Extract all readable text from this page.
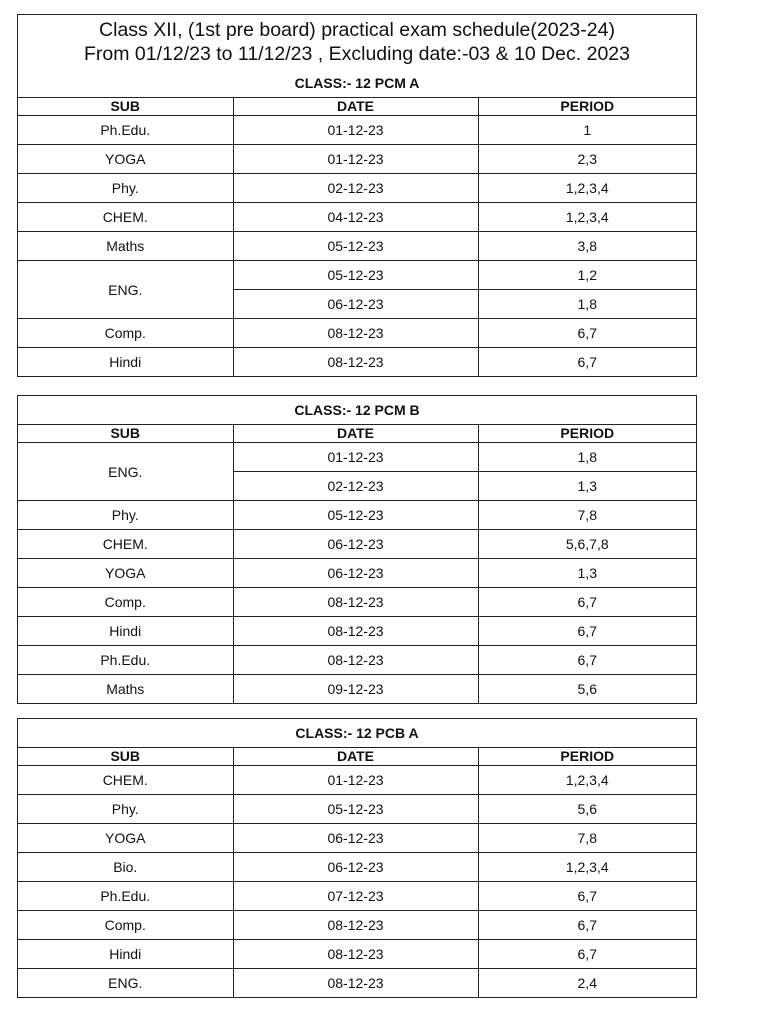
Class XII, (1st pre board) practical exam schedule(2023-24)
From 01/12/23 to 11/12/23 , Excluding date:-03 & 10 Dec. 2023		

CLASS:- 12 PCM A		
SUB	DATE	PERIOD
Ph.Edu.	01-12-23	1
YOGA	01-12-23	2,3
Phy.	02-12-23	1,2,3,4
CHEM.	04-12-23	1,2,3,4
Maths	05-12-23	3,8
ENG.	05-12-23	1,2
	06-12-23	1,8
Comp.	08-12-23	6,7
Hindi	08-12-23	6,7
CLASS:- 12 PCM B		
SUB	DATE	PERIOD
ENG.	01-12-23	1,8
	02-12-23	1,3
Phy.	05-12-23	7,8
CHEM.	06-12-23	5,6,7,8
YOGA	06-12-23	1,3
Comp.	08-12-23	6,7
Hindi	08-12-23	6,7
Ph.Edu.	08-12-23	6,7
Maths	09-12-23	5,6
CLASS:- 12 PCB A		
SUB	DATE	PERIOD
CHEM.	01-12-23	1,2,3,4
Phy.	05-12-23	5,6
YOGA	06-12-23	7,8
Bio.	06-12-23	1,2,3,4
Ph.Edu.	07-12-23	6,7
Comp.	08-12-23	6,7
Hindi	08-12-23	6,7
ENG.	08-12-23	2,4
